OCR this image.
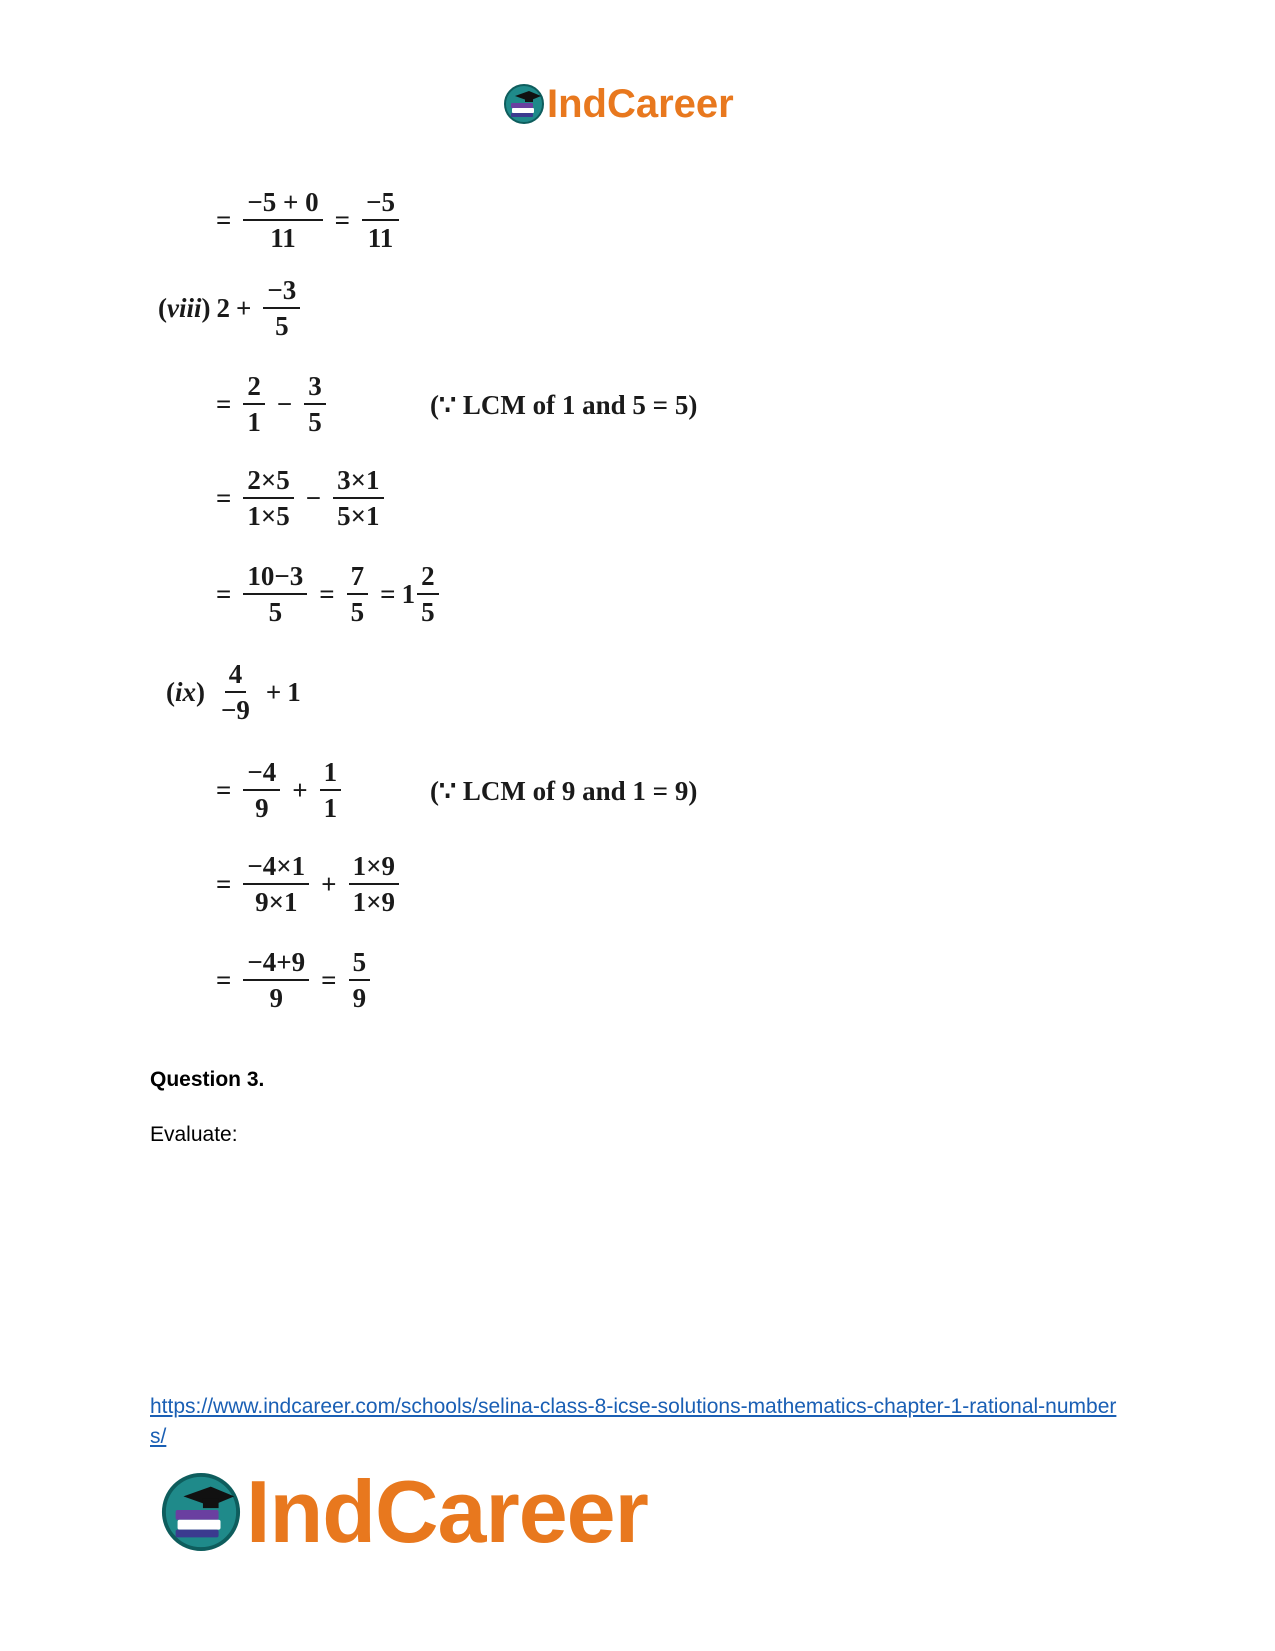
IndCareer
= $\frac{-5 + 0}{11} = \frac{-5}{11}$
(viii) $2 + \frac{-3}{5}$
= $\frac{2}{1} - \frac{3}{5}$	(∵ LCM of 1 and 5 = 5)
= $\frac{2\times 5}{1\times 5} - \frac{3\times 1}{5\times 1}$
= $\frac{10-3}{5} = \frac{7}{5} = 1 \frac{2}{5}$
$(ix) \frac{4}{-9} + 1$
= $\frac{-4}{9} + \frac{1}{1}$	(∵ LCM of 9 and 1 = 9)
= $\frac{-4\times 1}{9\times 1} + \frac{1\times 9}{1\times 9}$
= $\frac{-4+9}{9} = \frac{5}{9}$
Question 3.
Evaluate:
https://www.indcareer.com/schools/selina-class-8-icse-solutions-mathematics-chapter-1-rational-numbers/
IndCareer
